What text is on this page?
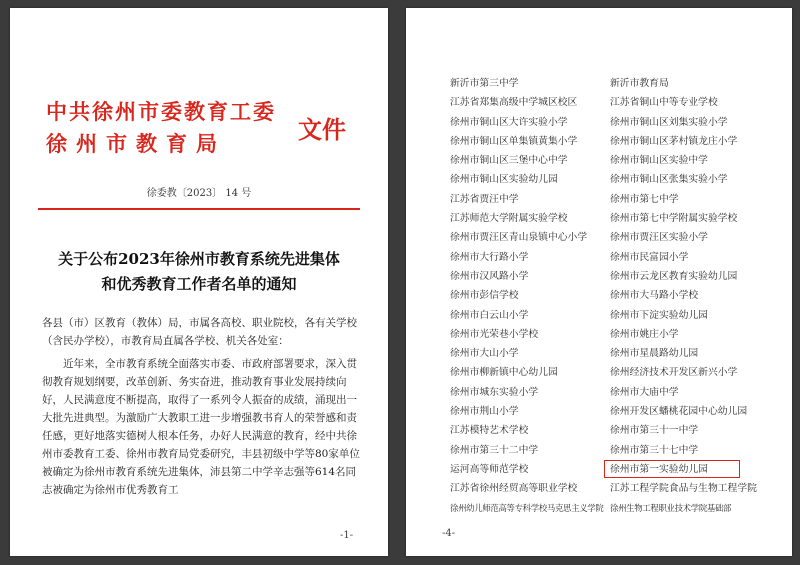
中共徐州市委教育工委
徐州市教育局	文件
徐委教〔2023〕 14 号
关于公布2023年徐州市教育系统先进集体
和优秀教育工作者名单的通知

各县（市）区教育（教体）局，市属各高校、职业院校，各有关学校（含民办学校），市教育局直属各学校、机关各处室：

近年来，全市教育系统全面落实市委、市政府部署要求，深入贯彻教育规划纲要，改革创新、务实奋进，推动教育事业发展持续向好，人民满意度不断提高，取得了一系列令人振奋的成绩，涌现出一大批先进典型。为激励广大教职工进一步增强教书育人的荣誉感和责任感，更好地落实德树人根本任务，办好人民满意的教育，经中共徐州市委教育工委、徐州市教育局党委研究，丰县初级中学等80家单位被确定为徐州市教育系统先进集体，沛县第二中学辛志强等614名同志被确定为徐州市优秀教育工

-1-
新沂市第三中学
江苏省郑集高级中学城区校区
徐州市铜山区大许实验小学
徐州市铜山区单集镇黄集小学
徐州市铜山区三堡中心中学
徐州市铜山区实验幼儿园
江苏省贾汪中学
江苏师范大学附属实验学校
徐州市贾汪区青山泉镇中心小学
徐州市大行路小学
徐州市汉风路小学
徐州市彭信学校
徐州市白云山小学
徐州市光荣巷小学校
徐州市大山小学
徐州市柳新镇中心幼儿园
徐州市城东实验小学
徐州市荆山小学
江苏模特艺术学校
徐州市第三十二中学
运河高等师范学校
江苏省徐州经贸高等职业学校
徐州幼儿师范高等专科学校马克思主义学院
新沂市教育局
江苏省铜山中等专业学校
徐州市铜山区刘集实验小学
徐州市铜山区茅村镇龙庄小学
徐州市铜山区实验中学
徐州市铜山区张集实验小学
徐州市第七中学
徐州市第七中学附属实验学校
徐州市贾汪区实验小学
徐州市民富园小学
徐州市云龙区教育实验幼儿园
徐州市大马路小学校
徐州市下淀实验幼儿园
徐州市姚庄小学
徐州市星晨路幼儿园
徐州经济技术开发区新兴小学
徐州市大庙中学
徐州开发区蟠桃花园中心幼儿园
徐州市第三十一中学
徐州市第三十七中学
徐州市第一实验幼儿园
江苏工程学院食品与生物工程学院
徐州生物工程职业技术学院基础部
-4-
